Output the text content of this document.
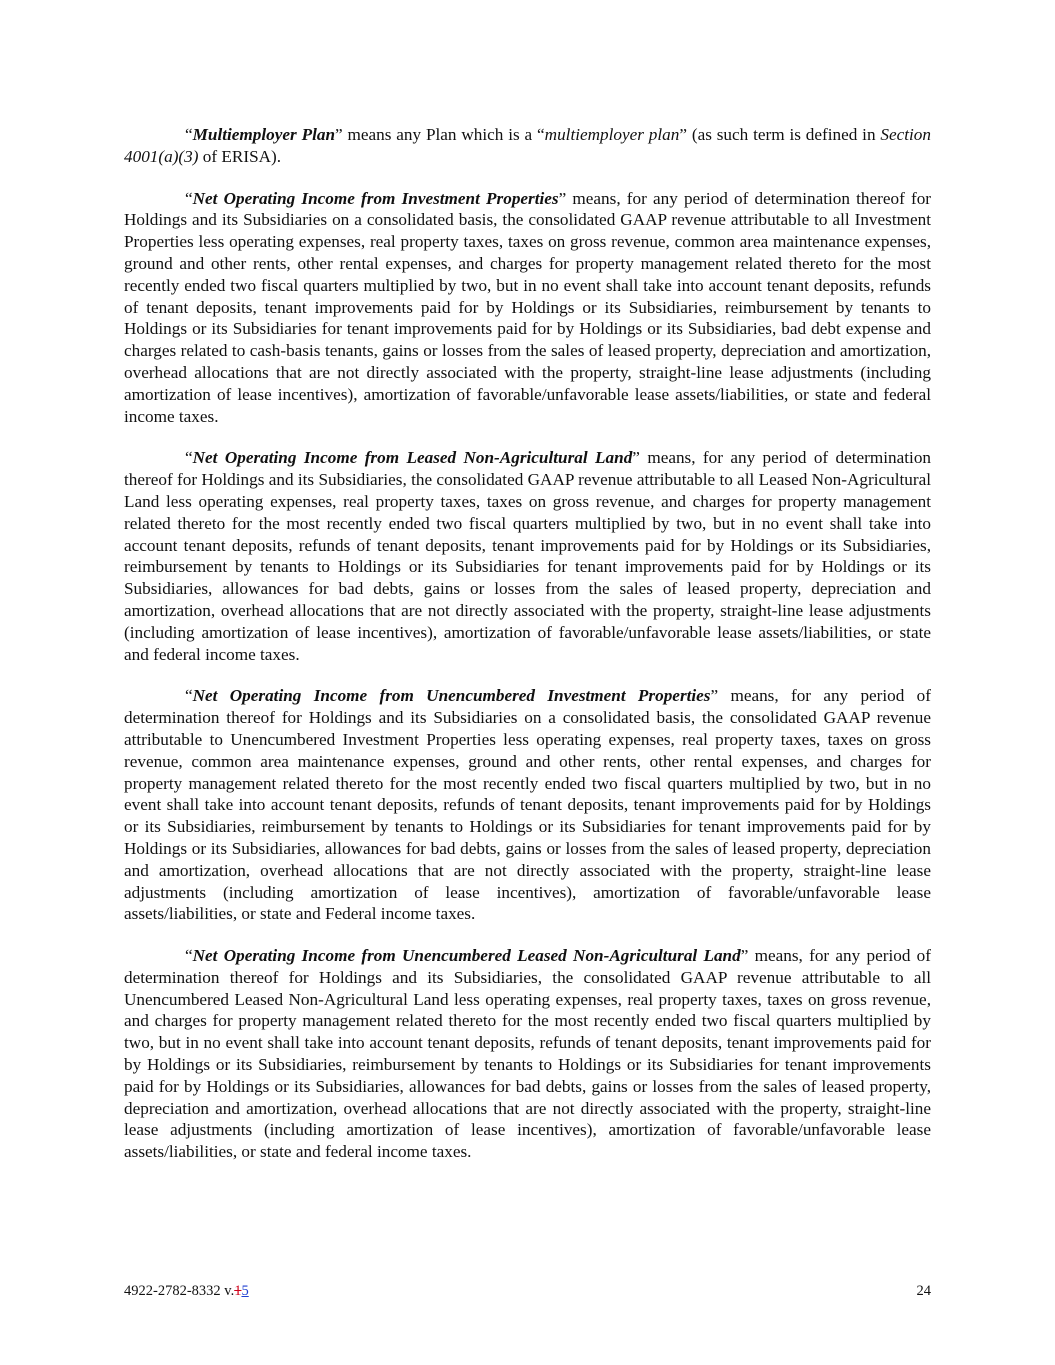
“Multiemployer Plan” means any Plan which is a “multiemployer plan” (as such term is defined in Section 4001(a)(3) of ERISA).

“Net Operating Income from Investment Properties” means, for any period of determination thereof for Holdings and its Subsidiaries on a consolidated basis, the consolidated GAAP revenue attributable to all Investment Properties less operating expenses, real property taxes, taxes on gross revenue, common area maintenance expenses, ground and other rents, other rental expenses, and charges for property management related thereto for the most recently ended two fiscal quarters multiplied by two, but in no event shall take into account tenant deposits, refunds of tenant deposits, tenant improvements paid for by Holdings or its Subsidiaries, reimbursement by tenants to Holdings or its Subsidiaries for tenant improvements paid for by Holdings or its Subsidiaries, bad debt expense and charges related to cash-basis tenants, gains or losses from the sales of leased property, depreciation and amortization, overhead allocations that are not directly associated with the property, straight-line lease adjustments (including amortization of lease incentives), amortization of favorable/unfavorable lease assets/liabilities, or state and federal income taxes.

“Net Operating Income from Leased Non-Agricultural Land” means, for any period of determination thereof for Holdings and its Subsidiaries, the consolidated GAAP revenue attributable to all Leased Non-Agricultural Land less operating expenses, real property taxes, taxes on gross revenue, and charges for property management related thereto for the most recently ended two fiscal quarters multiplied by two, but in no event shall take into account tenant deposits, refunds of tenant deposits, tenant improvements paid for by Holdings or its Subsidiaries, reimbursement by tenants to Holdings or its Subsidiaries for tenant improvements paid for by Holdings or its Subsidiaries, allowances for bad debts, gains or losses from the sales of leased property, depreciation and amortization, overhead allocations that are not directly associated with the property, straight-line lease adjustments (including amortization of lease incentives), amortization of favorable/unfavorable lease assets/liabilities, or state and federal income taxes.

“Net Operating Income from Unencumbered Investment Properties” means, for any period of determination thereof for Holdings and its Subsidiaries on a consolidated basis, the consolidated GAAP revenue attributable to Unencumbered Investment Properties less operating expenses, real property taxes, taxes on gross revenue, common area maintenance expenses, ground and other rents, other rental expenses, and charges for property management related thereto for the most recently ended two fiscal quarters multiplied by two, but in no event shall take into account tenant deposits, refunds of tenant deposits, tenant improvements paid for by Holdings or its Subsidiaries, reimbursement by tenants to Holdings or its Subsidiaries for tenant improvements paid for by Holdings or its Subsidiaries, allowances for bad debts, gains or losses from the sales of leased property, depreciation and amortization, overhead allocations that are not directly associated with the property, straight-line lease adjustments (including amortization of lease incentives), amortization of favorable/unfavorable lease assets/liabilities, or state and Federal income taxes.

“Net Operating Income from Unencumbered Leased Non-Agricultural Land” means, for any period of determination thereof for Holdings and its Subsidiaries, the consolidated GAAP revenue attributable to all Unencumbered Leased Non-Agricultural Land less operating expenses, real property taxes, taxes on gross revenue, and charges for property management related thereto for the most recently ended two fiscal quarters multiplied by two, but in no event shall take into account tenant deposits, refunds of tenant deposits, tenant improvements paid for by Holdings or its Subsidiaries, reimbursement by tenants to Holdings or its Subsidiaries for tenant improvements paid for by Holdings or its Subsidiaries, allowances for bad debts, gains or losses from the sales of leased property, depreciation and amortization, overhead allocations that are not directly associated with the property, straight-line lease adjustments (including amortization of lease incentives), amortization of favorable/unfavorable lease assets/liabilities, or state and federal income taxes.

4922-2782-8332 v.15	24
